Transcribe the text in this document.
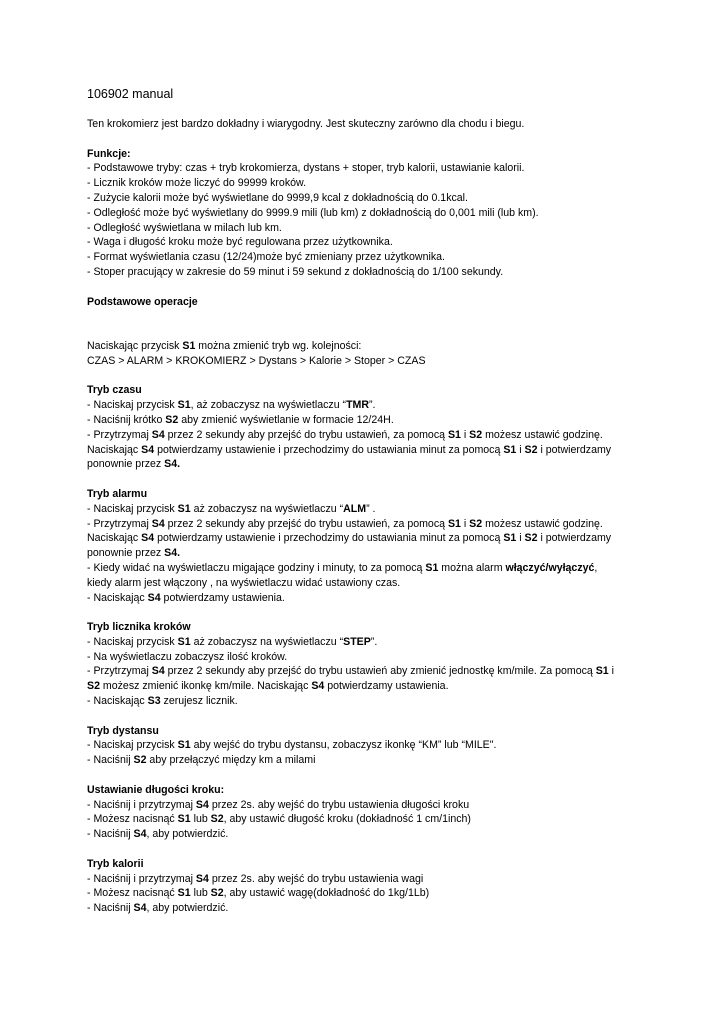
106902 manual

Ten krokomierz jest bardzo dokładny i wiarygodny. Jest skuteczny zarówno dla chodu i biegu.

Funkcje:

- Podstawowe tryby: czas + tryb krokomierza, dystans + stoper, tryb kalorii, ustawianie kalorii.

- Licznik kroków może liczyć do 99999 kroków.

- Zużycie kalorii może być wyświetlane do 9999,9 kcal z dokładnością do 0.1kcal.

- Odległość może być wyświetlany do 9999.9 mili (lub km) z dokładnością do 0,001 mili (lub km).

- Odległość wyświetlana w milach lub km.

- Waga i długość kroku może być regulowana przez użytkownika.

- Format wyświetlania czasu (12/24)może być zmieniany przez użytkownika.

- Stoper pracujący w zakresie do 59 minut i 59 sekund z dokładnością do 1/100 sekundy.

Podstawowe operacje

Naciskając przycisk S1 można zmienić tryb wg. kolejności:

CZAS > ALARM > KROKOMIERZ > Dystans > Kalorie > Stoper > CZAS

Tryb czasu

- Naciskaj przycisk S1, aż zobaczysz na wyświetlaczu “TMR”.

- Naciśnij krótko S2 aby zmienić wyświetlanie w formacie 12/24H.

- Przytrzymaj S4 przez 2 sekundy aby przejść do trybu ustawień, za pomocą S1 i S2 możesz ustawić godzinę.

Naciskając S4 potwierdzamy ustawienie i przechodzimy do ustawiania minut za pomocą S1 i S2 i potwierdzamy

ponownie przez S4.

Tryb alarmu

- Naciskaj przycisk S1 aż zobaczysz na wyświetlaczu “ALM” .

- Przytrzymaj S4 przez 2 sekundy aby przejść do trybu ustawień, za pomocą S1 i S2 możesz ustawić godzinę.

Naciskając S4 potwierdzamy ustawienie i przechodzimy do ustawiania minut za pomocą S1 i S2 i potwierdzamy

ponownie przez S4.

- Kiedy widać na wyświetlaczu migające godziny i minuty, to za pomocą S1 można alarm włączyć/wyłączyć,

kiedy alarm jest włączony , na wyświetlaczu widać ustawiony czas.

- Naciskając S4 potwierdzamy ustawienia.

Tryb licznika kroków

- Naciskaj przycisk S1 aż zobaczysz na wyświetlaczu “STEP”.

- Na wyświetlaczu zobaczysz ilość kroków.

- Przytrzymaj S4 przez 2 sekundy aby przejść do trybu ustawień aby zmienić jednostkę km/mile. Za pomocą S1 i

S2 możesz zmienić ikonkę km/mile. Naciskając S4 potwierdzamy ustawienia.

- Naciskając S3 zerujesz licznik.

Tryb dystansu

- Naciskaj przycisk S1 aby wejść do trybu dystansu, zobaczysz ikonkę “KM” lub “MILE".

- Naciśnij S2 aby przełączyć między km a milami

Ustawianie długości kroku:

- Naciśnij i przytrzymaj S4 przez 2s. aby wejść do trybu ustawienia długości kroku

- Możesz nacisnąć S1 lub S2, aby ustawić długość kroku (dokładność 1 cm/1inch)

- Naciśnij S4, aby potwierdzić.

Tryb kalorii

- Naciśnij i przytrzymaj S4 przez 2s. aby wejść do trybu ustawienia wagi

- Możesz nacisnąć S1 lub S2, aby ustawić wagę(dokładność do 1kg/1Lb)

- Naciśnij S4, aby potwierdzić.
